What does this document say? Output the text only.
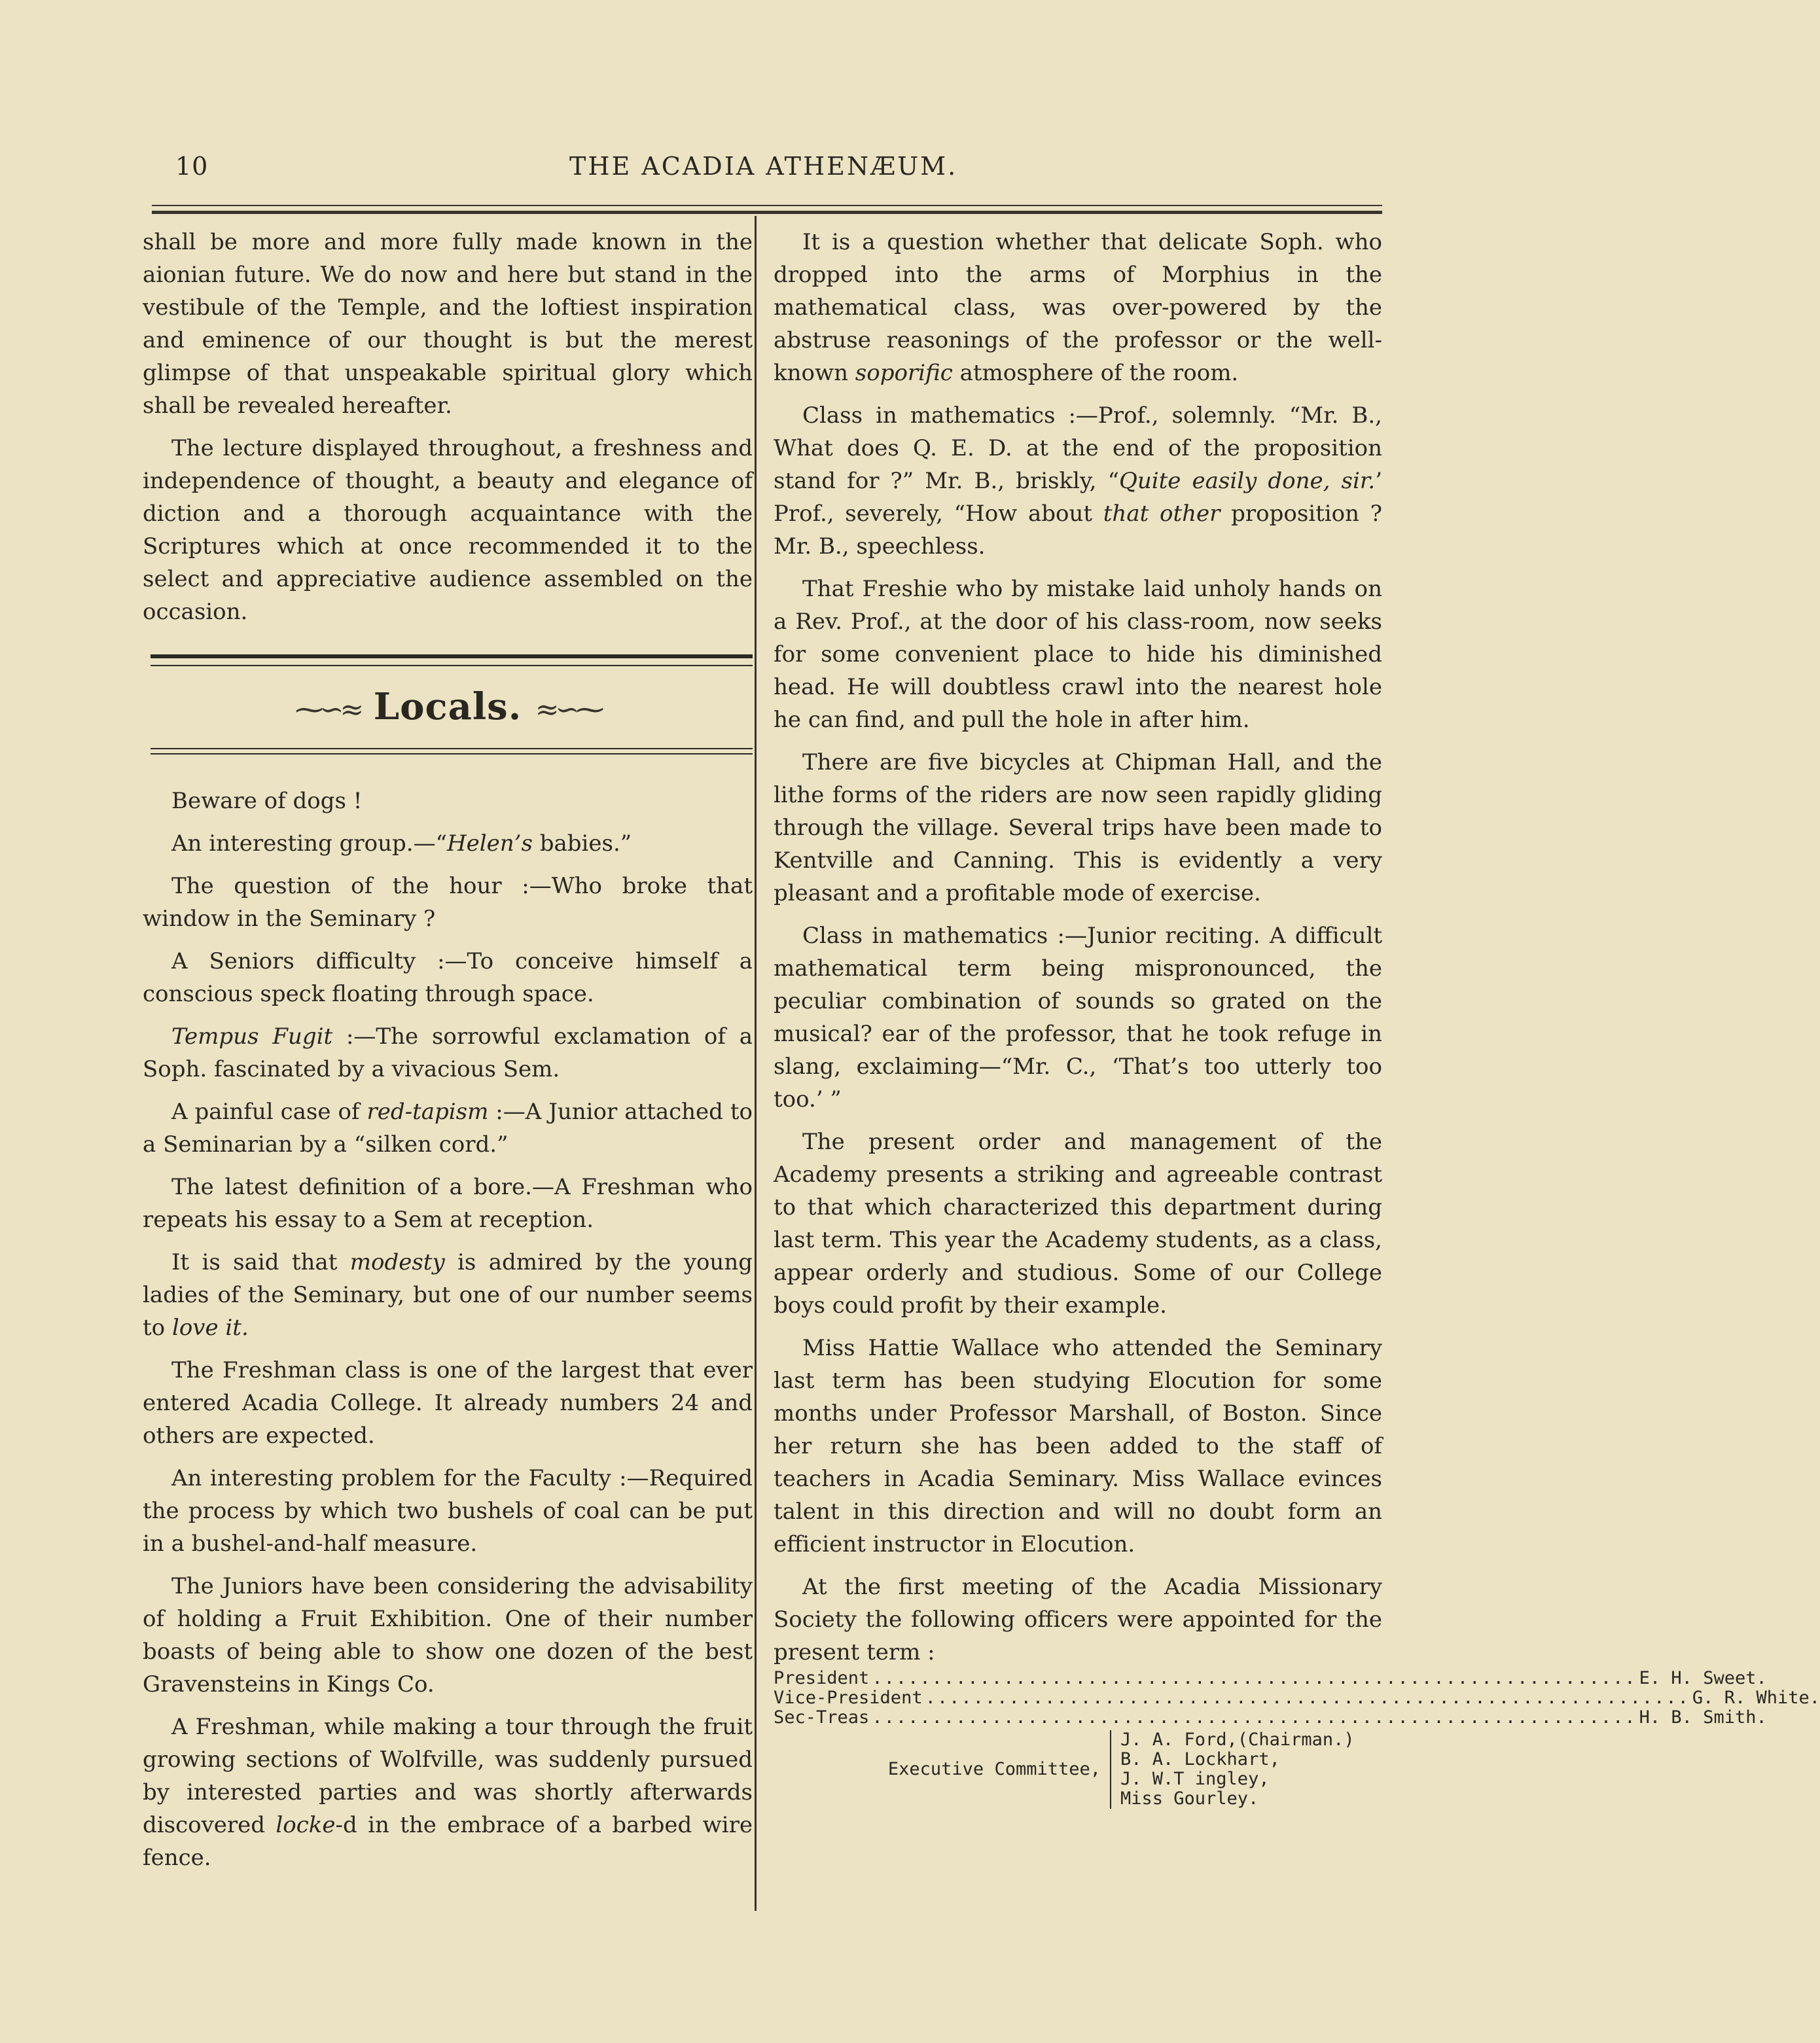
10	THE ACADIA ATHENÆUM.

shall be more and more fully made known in the aionian future. We do now and here but stand in the vestibule of the Temple, and the loftiest inspiration and eminence of our thought is but the merest glimpse of that unspeakable spiritual glory which shall be revealed hereafter.

The lecture displayed throughout, a freshness and independence of thought, a beauty and elegance of diction and a thorough acquaintance with the Scriptures which at once recommended it to the select and appreciative audience assembled on the occasion.

⁓∽≈ Locals. ≈∽⁓

Beware of dogs !

An interesting group.—“Helen’s babies.”

The question of the hour :—Who broke that window in the Seminary ?

A Seniors difficulty :—To conceive himself a conscious speck floating through space.

Tempus Fugit :—The sorrowful exclamation of a Soph. fascinated by a vivacious Sem.

A painful case of red-tapism :—A Junior attached to a Seminarian by a “silken cord.”

The latest definition of a bore.—A Freshman who repeats his essay to a Sem at reception.

It is said that modesty is admired by the young ladies of the Seminary, but one of our number seems to love it.

The Freshman class is one of the largest that ever entered Acadia College. It already numbers 24 and others are expected.

An interesting problem for the Faculty :—Required the process by which two bushels of coal can be put in a bushel-and-half measure.

The Juniors have been considering the advisability of holding a Fruit Exhibition. One of their number boasts of being able to show one dozen of the best Gravensteins in Kings Co.

A Freshman, while making a tour through the fruit growing sections of Wolfville, was suddenly pursued by interested parties and was shortly afterwards discovered locke-d in the embrace of a barbed wire fence.

It is a question whether that delicate Soph. who dropped into the arms of Morphius in the mathematical class, was over-powered by the abstruse reasonings of the professor or the well-known soporific atmosphere of the room.

Class in mathematics :—Prof., solemnly. “Mr. B., What does Q. E. D. at the end of the proposition stand for ?” Mr. B., briskly, “Quite easily done, sir.’ Prof., severely, “How about that other proposition ? Mr. B., speechless.

That Freshie who by mistake laid unholy hands on a Rev. Prof., at the door of his class-room, now seeks for some convenient place to hide his diminished head. He will doubtless crawl into the nearest hole he can find, and pull the hole in after him.

There are five bicycles at Chipman Hall, and the lithe forms of the riders are now seen rapidly gliding through the village. Several trips have been made to Kentville and Canning. This is evidently a very pleasant and a profitable mode of exercise.

Class in mathematics :—Junior reciting. A difficult mathematical term being mispronounced, the peculiar combination of sounds so grated on the musical? ear of the professor, that he took refuge in slang, exclaiming—“Mr. C., ‘That’s too utterly too too.’ ”

The present order and management of the Academy presents a striking and agreeable contrast to that which characterized this department during last term. This year the Academy students, as a class, appear orderly and studious. Some of our College boys could profit by their example.

Miss Hattie Wallace who attended the Seminary last term has been studying Elocution for some months under Professor Marshall, of Boston. Since her return she has been added to the staff of teachers in Acadia Seminary. Miss Wallace evinces talent in this direction and will no doubt form an efficient instructor in Elocution.

At the first meeting of the Acadia Missionary Society the following officers were appointed for the present term :

President ................................................................ E. H. Sweet.
Vice-President ................................................................ G. R. White.
Sec-Treas ................................................................ H. B. Smith.
Executive Committee,
J. A. Ford,(Chairman.)
B. A. Lockhart,
J. W.T ingley,
Miss Gourley.
